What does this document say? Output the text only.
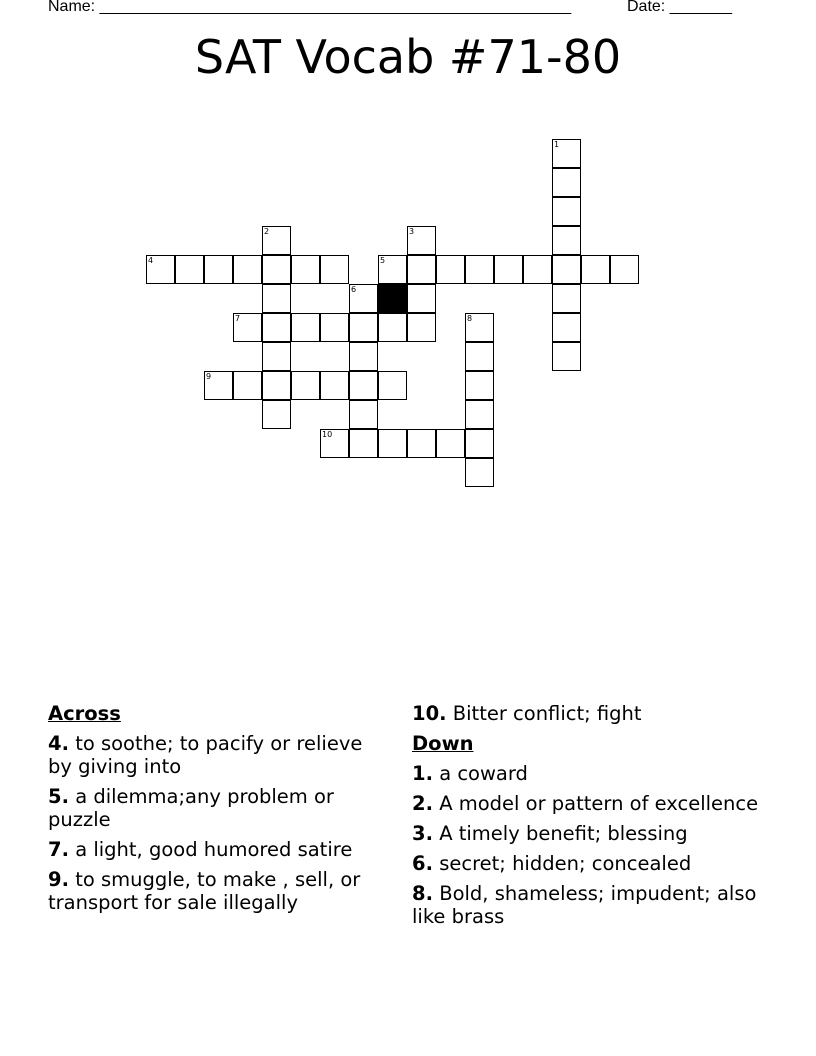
Name: _____________________________________________________	Date: _______
SAT Vocab #71-80
1
2	3
4	5
6
7	8
9
10
Across
4. to soothe; to pacify or relieve by giving into
5. a dilemma;any problem or puzzle
7. a light, good humored satire
9. to smuggle, to make , sell, or transport for sale illegally
10. Bitter conflict; fight
Down
1. a coward
2. A model or pattern of excellence
3. A timely benefit; blessing
6. secret; hidden; concealed
8. Bold, shameless; impudent; also like brass
